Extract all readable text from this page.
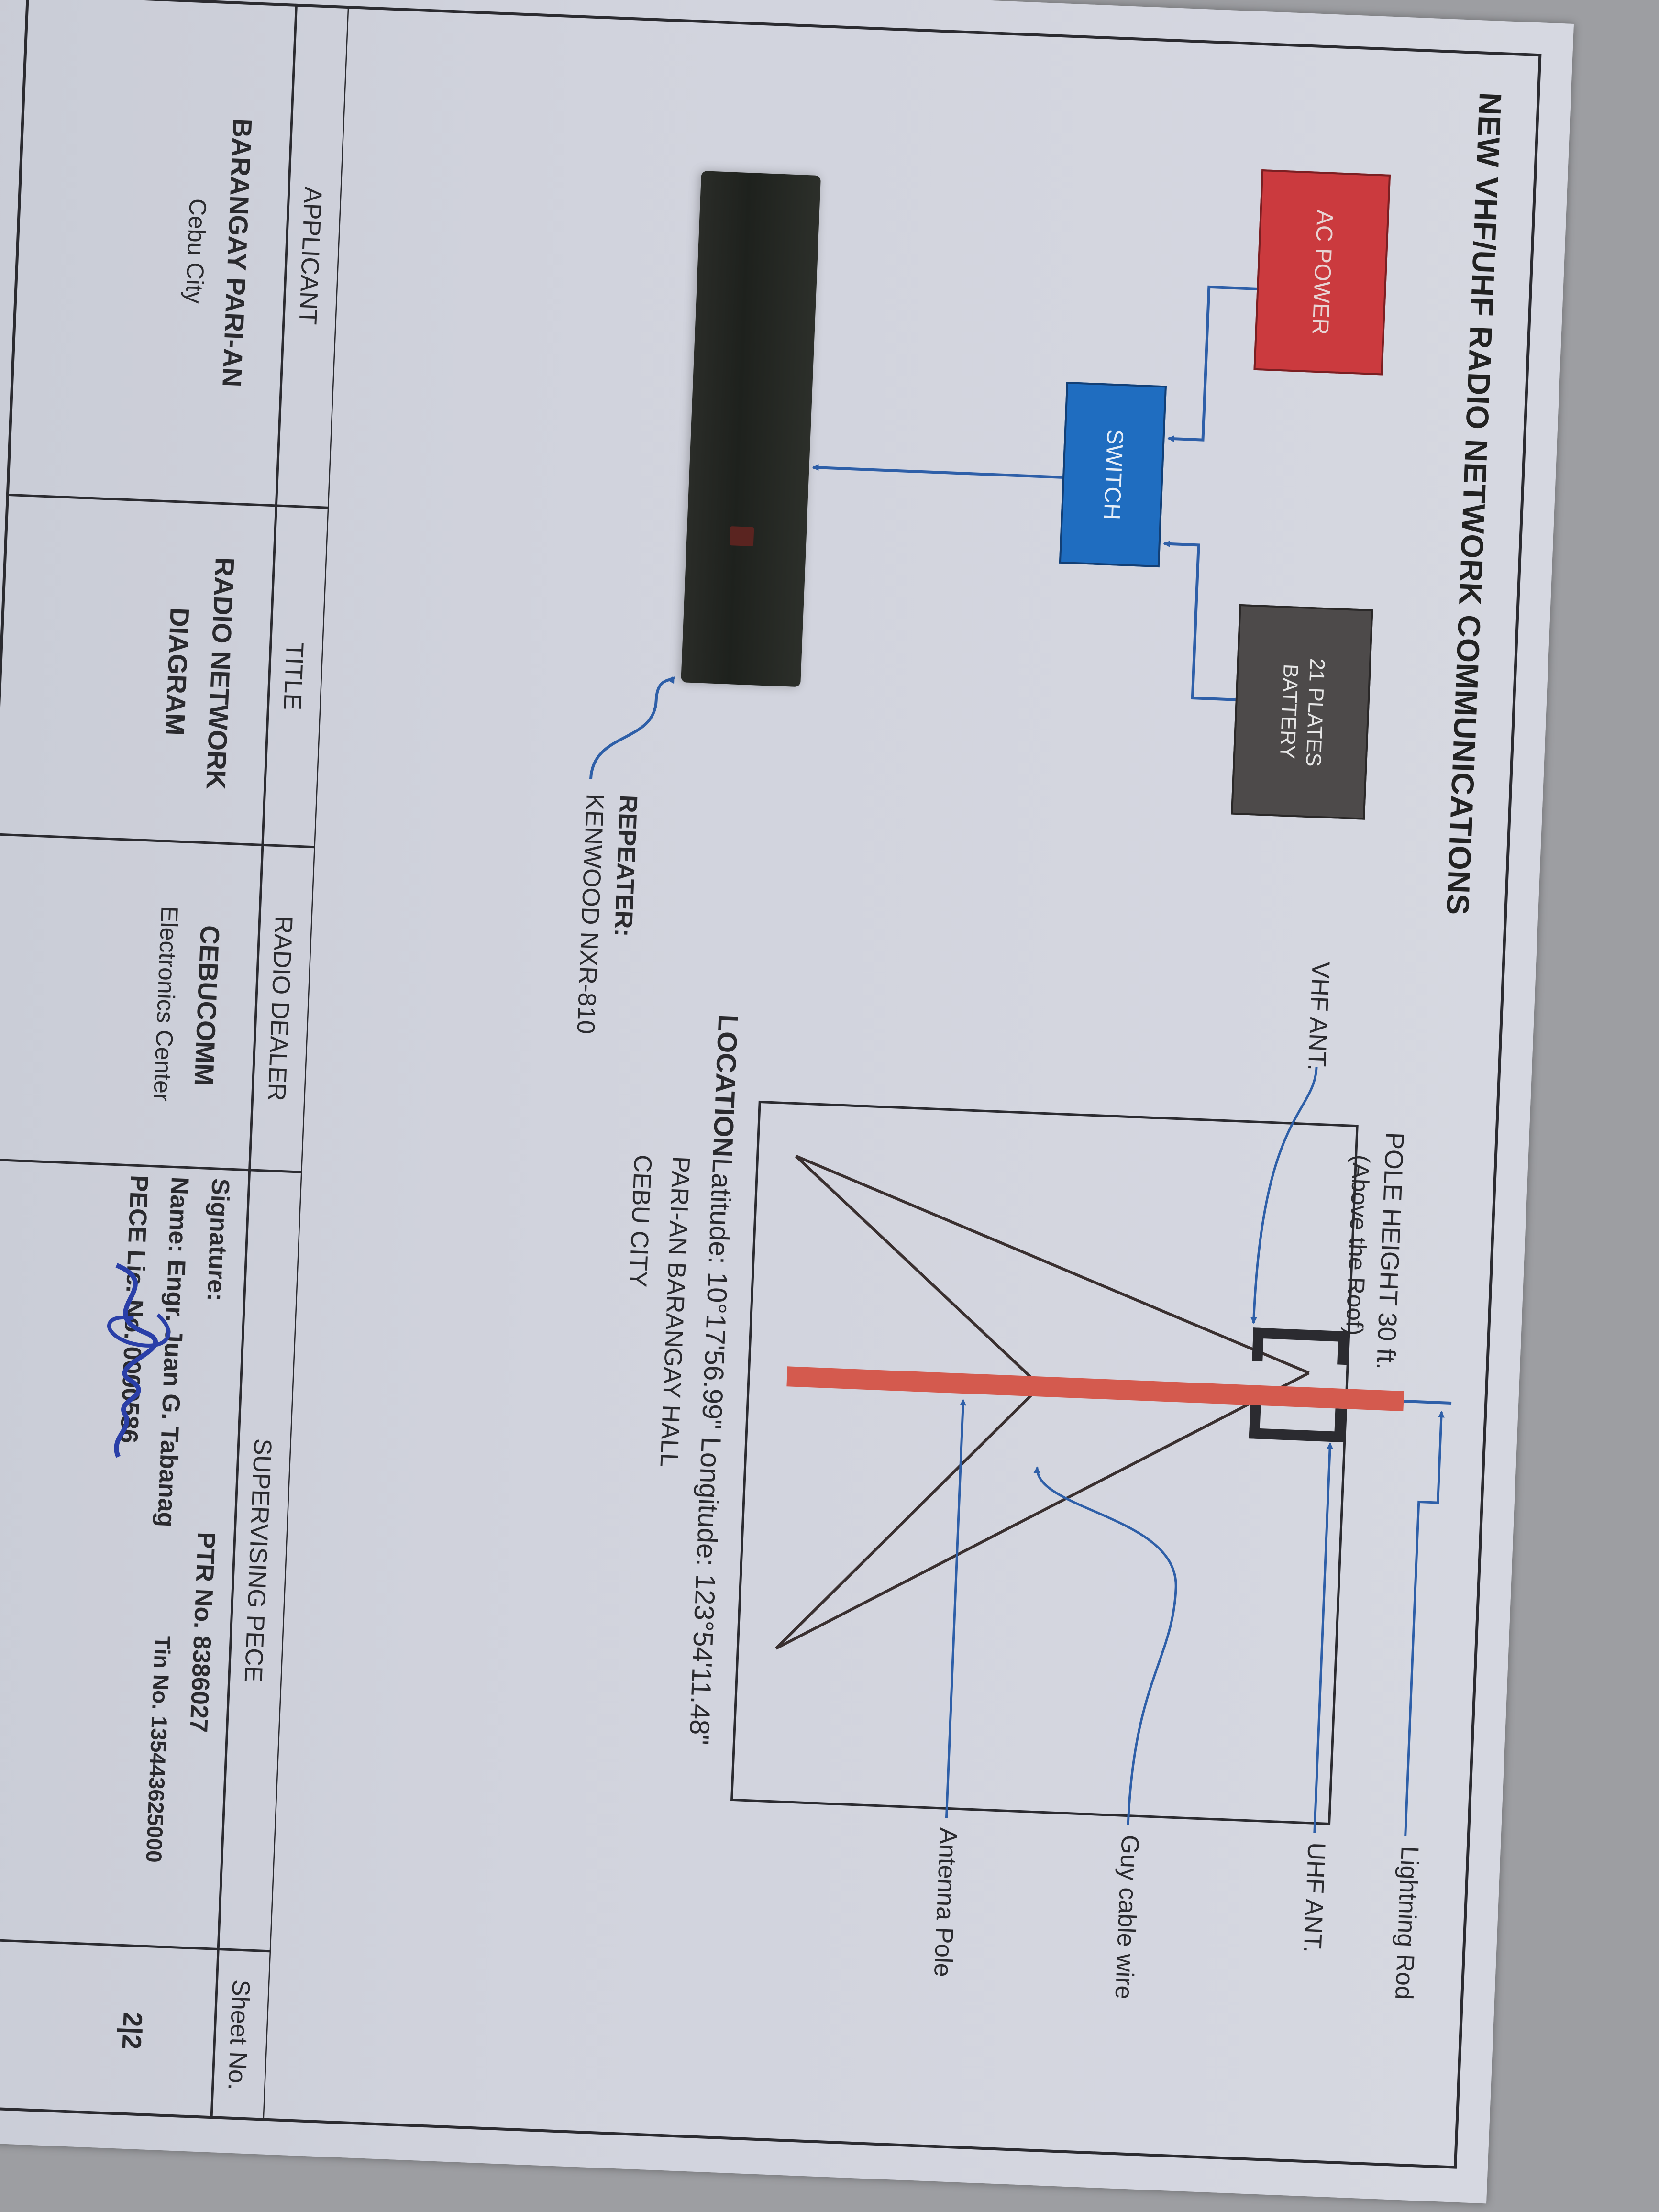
NEW VHF/UHF RADIO NETWORK COMMUNICATIONS
AC POWER
SWITCH
21 PLATES
BATTERY
REPEATER:
KENWOOD NXR-810
POLE HEIGHT 30 ft.
(Above the Roof)
VHF ANT.
Lightning Rod
UHF ANT.
Guy cable wire
Antenna Pole
LOCATION
Latitude: 10°17'56.99" Longitude: 123°54'11.48"
PARI-AN BARANGAY HALL
CEBU CITY
APPLICANT
BARANGAY PARI-AN
Cebu City
TITLE
RADIO NETWORK
DIAGRAM
RADIO DEALER
CEBUCOMM
Electronics Center
SUPERVISING PECE
Signature:
PTR No. 8386027
Name: Engr. Juan G. Tabanag
Tin No. 135443625000
PECE Lic. No. 0000586
Sheet No.
2|2
